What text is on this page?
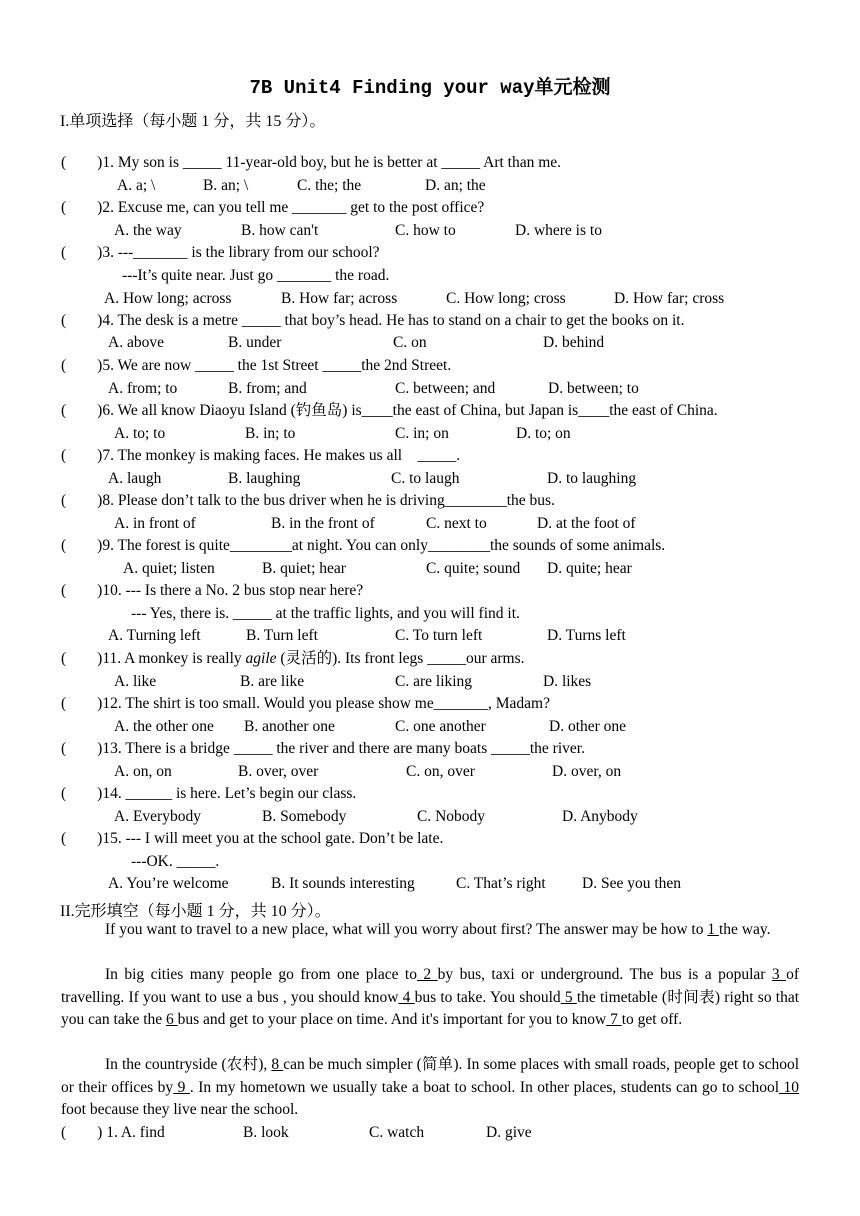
7B Unit4 Finding your way单元检测
I.单项选择（每小题 1 分，共 15 分）。
(        )1. My son is _____ 11-year-old boy, but he is better at _____ Art than me.
A. a; \	B. an; \	C. the; the	D. an; the
(        )2. Excuse me, can you tell me _______ get to the post office?
A. the way	B. how can't	C. how to	D. where is to
(        )3. ---_______ is the library from our school?
---It’s quite near. Just go _______ the road.
A. How long; across	B. How far; across	C. How long; cross	D. How far; cross
(        )4. The desk is a metre _____ that boy’s head. He has to stand on a chair to get the books on it.
A. above	B. under	C. on	D. behind
(        )5. We are now _____ the 1st Street _____the 2nd Street.
A. from; to	B. from; and	C. between; and	D. between; to
(        )6. We all know Diaoyu Island (钓鱼岛) is____the east of China, but Japan is____the east of China.
A. to; to	B. in; to	C. in; on	D. to; on
(        )7. The monkey is making faces. He makes us all    _____.
A. laugh	B. laughing	C. to laugh	D. to laughing
(        )8. Please don’t talk to the bus driver when he is driving________the bus.
A. in front of	B. in the front of	C. next to	D. at the foot of
(        )9. The forest is quite________at night. You can only________the sounds of some animals.
A. quiet; listen	B. quiet; hear	C. quite; sound D. quite; hear
(        )10. --- Is there a No. 2 bus stop near here?
--- Yes, there is. _____ at the traffic lights, and you will find it.
A. Turning left	B. Turn left	C. To turn left	D. Turns left
(        )11. A monkey is really agile (灵活的). Its front legs _____our arms.
A. like	B. are like	C. are liking	D. likes
(        )12. The shirt is too small. Would you please show me_______, Madam?
A. the other one B. another one	C. one another	D. other one
(        )13. There is a bridge _____ the river and there are many boats _____the river.
A. on, on	B. over, over	C. on, over	D. over, on
(        )14. ______ is here. Let’s begin our class.
A. Everybody	B. Somebody	C. Nobody	D. Anybody
(        )15. --- I will meet you at the school gate. Don’t be late.
---OK. _____.
A. You’re welcome	B. It sounds interesting	C. That’s right D. See you then
II.完形填空（每小题 1 分，共 10 分）。
If you want to travel to a new place, what will you worry about first? The answer may be how to 1 the way.
In big cities many people go from one place to 2 by bus, taxi or underground. The bus is a popular 3 of travelling. If you want to use a bus , you should know 4 bus to take. You should 5 the timetable (时间表) right so that you can take the 6 bus and get to your place on time. And it's important for you to know 7 to get off.
In the countryside (农村), 8 can be much simpler (简单). In some places with small roads, people get to school or their offices by 9 . In my hometown we usually take a boat to school. In other places, students can go to school 10 foot because they live near the school.
(        ) 1. A. find	B. look	C. watch	D. give
